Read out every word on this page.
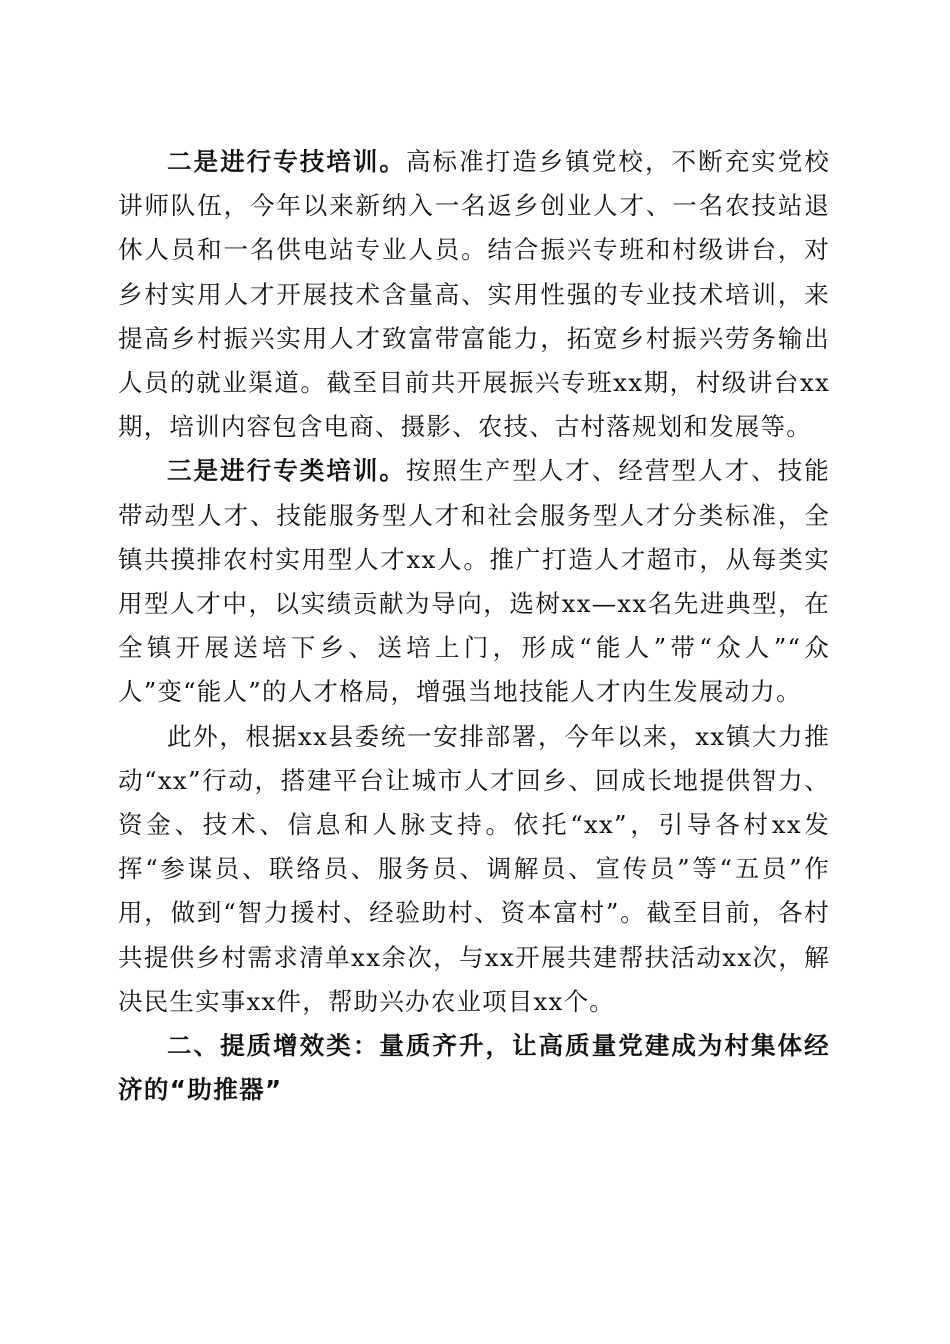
二是进行专技培训。高标准打造乡镇党校，不断充实党校讲师队伍，今年以来新纳入一名返乡创业人才、一名农技站退休人员和一名供电站专业人员。结合振兴专班和村级讲台，对乡村实用人才开展技术含量高、实用性强的专业技术培训，来提高乡村振兴实用人才致富带富能力，拓宽乡村振兴劳务输出人员的就业渠道。截至目前共开展振兴专班xx期，村级讲台xx期，培训内容包含电商、摄影、农技、古村落规划和发展等。

三是进行专类培训。按照生产型人才、经营型人才、技能带动型人才、技能服务型人才和社会服务型人才分类标准，全镇共摸排农村实用型人才xx人。推广打造人才超市，从每类实用型人才中，以实绩贡献为导向，选树xx—xx名先进典型，在全镇开展送培下乡、送培上门，形成“能人”带“众人”“众人”变“能人”的人才格局，增强当地技能人才内生发展动力。

此外，根据xx县委统一安排部署，今年以来，xx镇大力推动“xx”行动，搭建平台让城市人才回乡、回成长地提供智力、资金、技术、信息和人脉支持。依托“xx”，引导各村xx发挥“参谋员、联络员、服务员、调解员、宣传员”等“五员”作用，做到“智力援村、经验助村、资本富村”。截至目前，各村共提供乡村需求清单xx余次，与xx开展共建帮扶活动xx次，解决民生实事xx件，帮助兴办农业项目xx个。

二、提质增效类：量质齐升，让高质量党建成为村集体经济的“助推器”
